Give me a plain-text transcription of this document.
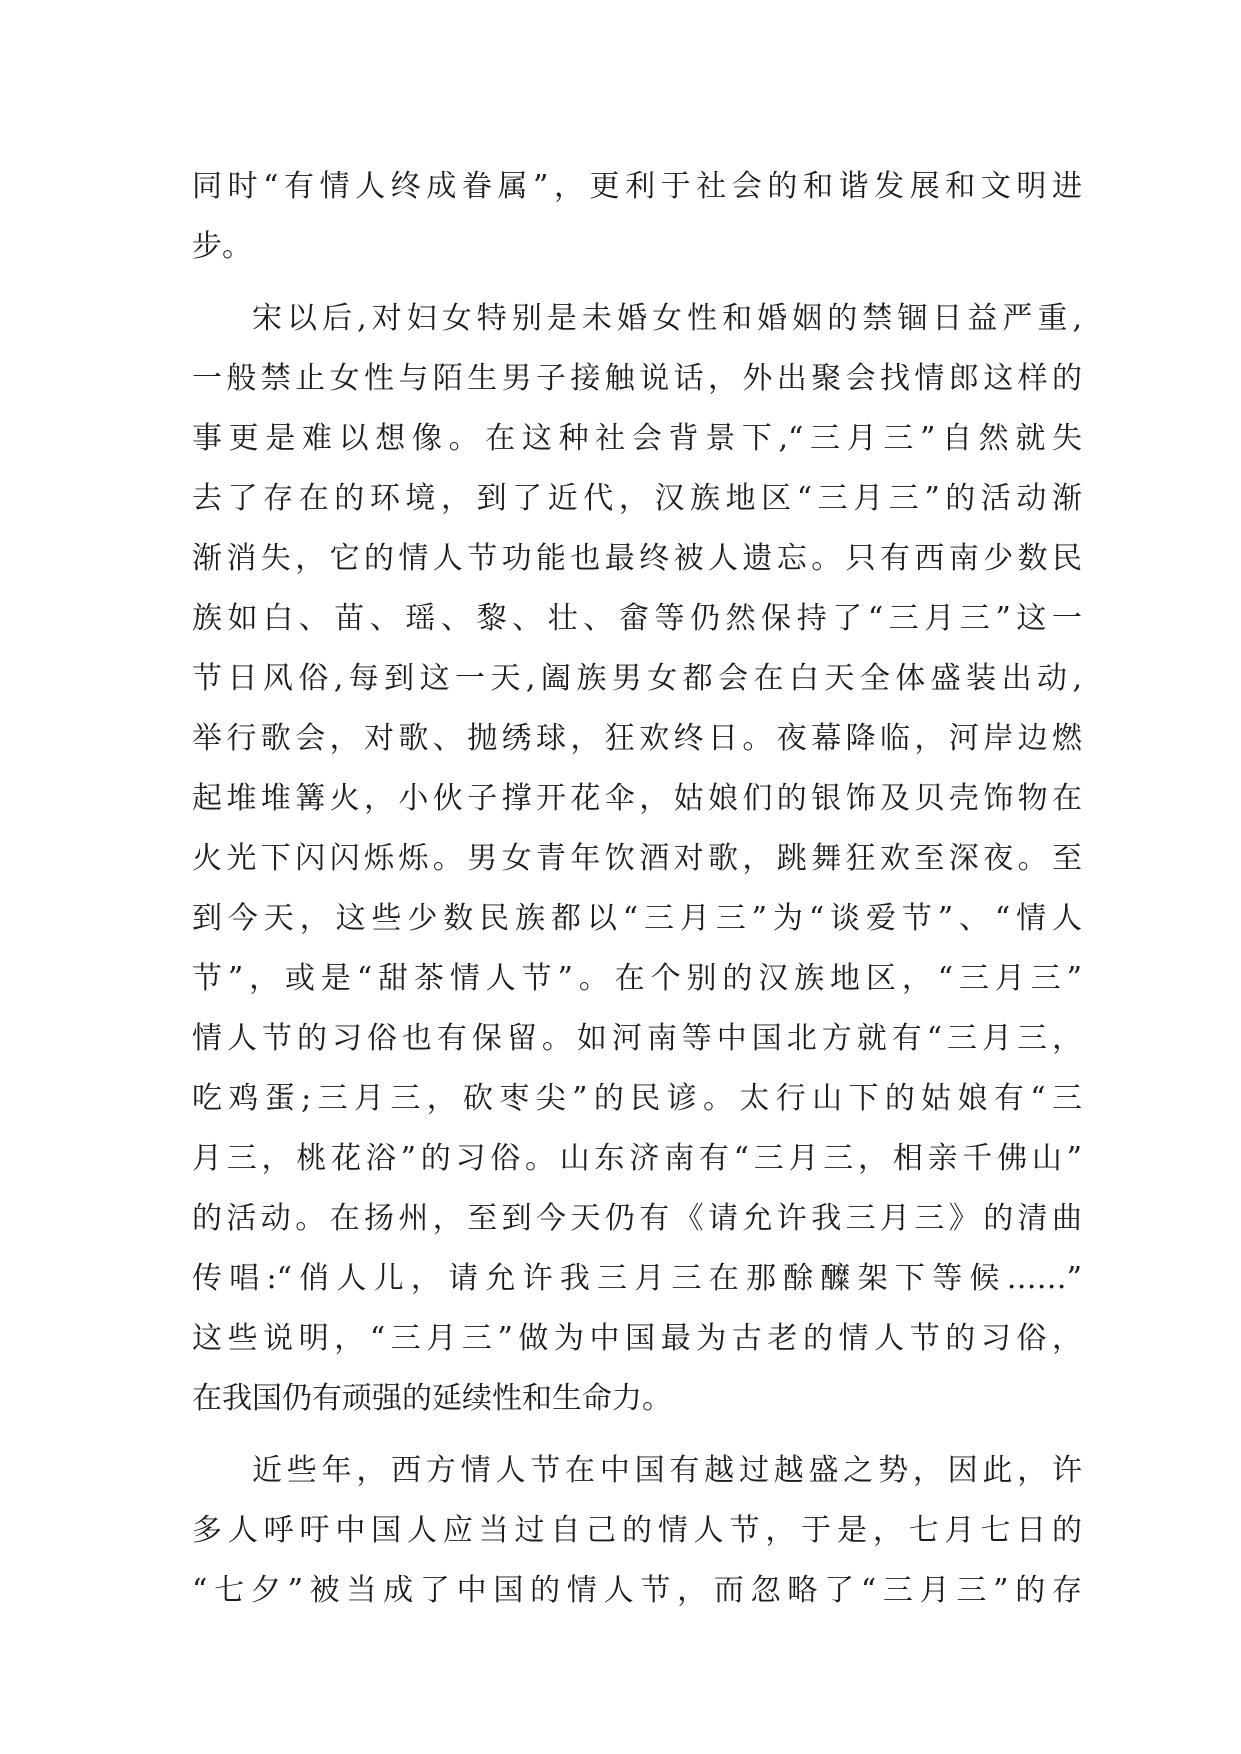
同时“有情人终成眷属”，更利于社会的和谐发展和文明进
步。
宋以后,对妇女特别是未婚女性和婚姻的禁锢日益严重,
一般禁止女性与陌生男子接触说话，外出聚会找情郎这样的
事更是难以想像。在这种社会背景下,“三月三”自然就失
去了存在的环境，到了近代，汉族地区“三月三”的活动渐
渐消失，它的情人节功能也最终被人遗忘。只有西南少数民
族如白、苗、瑶、黎、壮、畲等仍然保持了“三月三”这一
节日风俗,每到这一天,阖族男女都会在白天全体盛装出动,
举行歌会，对歌、抛绣球，狂欢终日。夜幕降临，河岸边燃
起堆堆篝火，小伙子撑开花伞，姑娘们的银饰及贝壳饰物在
火光下闪闪烁烁。男女青年饮酒对歌，跳舞狂欢至深夜。至
到今天，这些少数民族都以“三月三”为“谈爱节”、“情人
节”，或是“甜茶情人节”。在个别的汉族地区，“三月三”
情人节的习俗也有保留。如河南等中国北方就有“三月三，
吃鸡蛋;三月三，砍枣尖”的民谚。太行山下的姑娘有“三
月三，桃花浴”的习俗。山东济南有“三月三，相亲千佛山”
的活动。在扬州，至到今天仍有《请允许我三月三》的清曲
传唱:“俏人儿，请允许我三月三在那酴醾架下等候……”
这些说明，“三月三”做为中国最为古老的情人节的习俗，
在我国仍有顽强的延续性和生命力。
近些年，西方情人节在中国有越过越盛之势，因此，许
多人呼吁中国人应当过自己的情人节，于是，七月七日的
“七夕”被当成了中国的情人节，而忽略了“三月三”的存
